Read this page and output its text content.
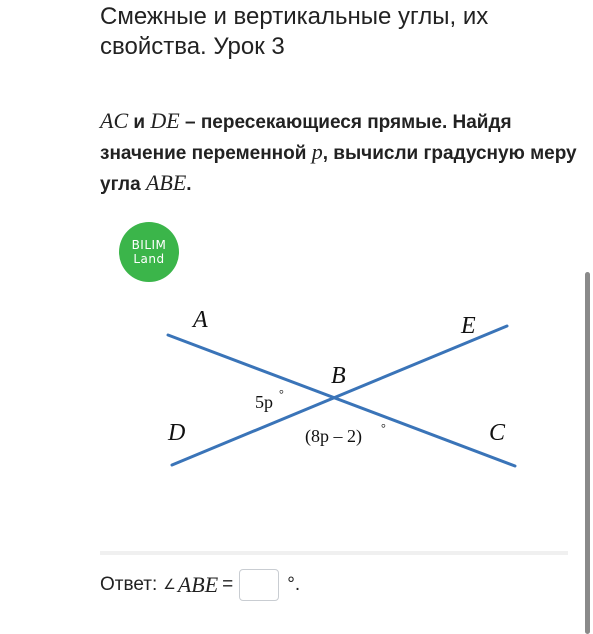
Смежные и вертикальные углы, их свойства. Урок 3
AC и DE – пересекающиеся прямые. Найдя значение переменной p, вычисли градусную меру угла ABE.
BILIM
Land
A	E
B
D	C
5p °
(8p – 2) °
Ответ: ∠ ABE =	°.
